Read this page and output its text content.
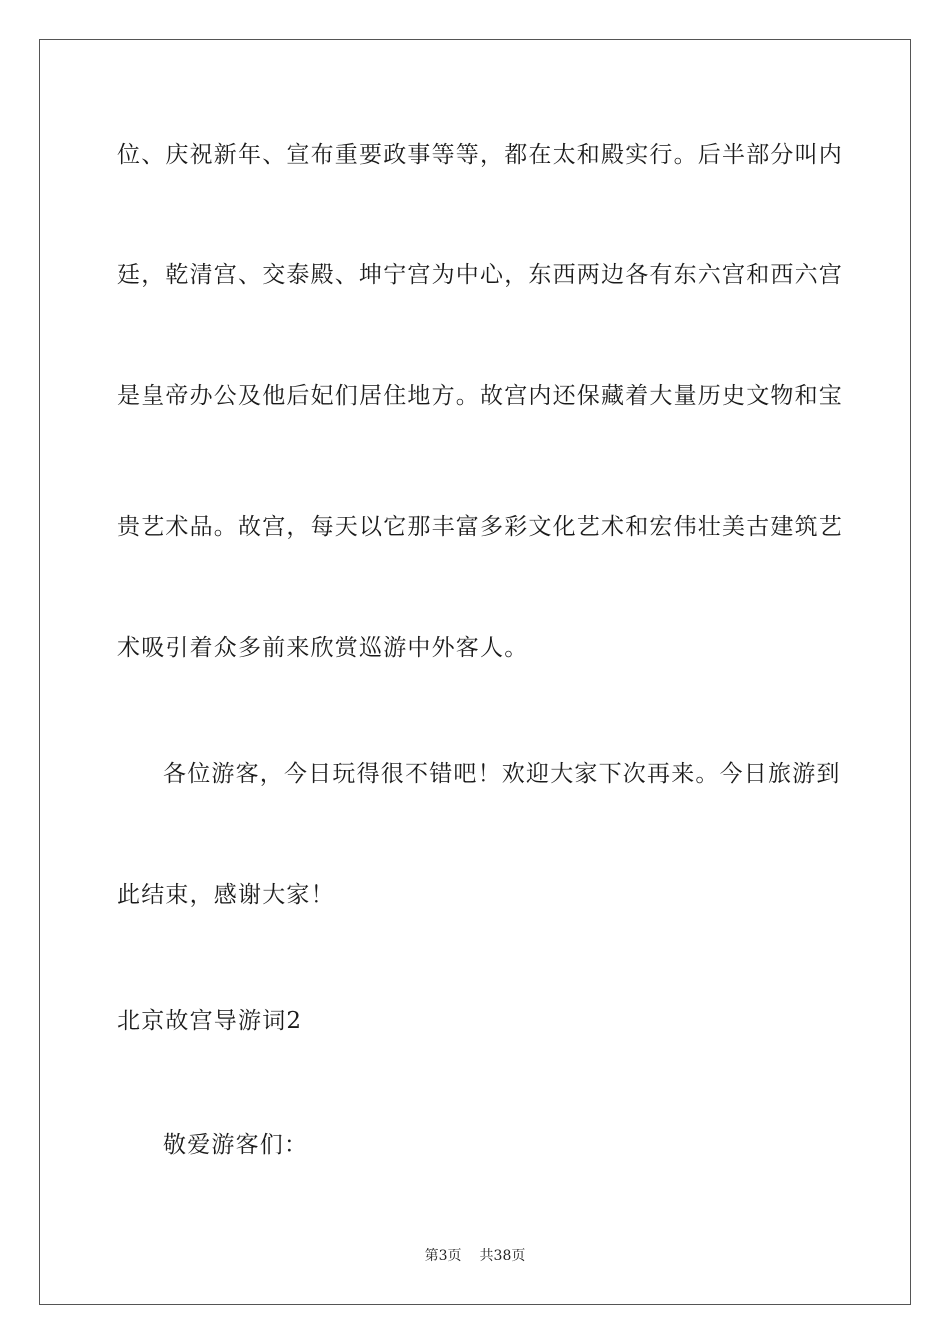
位、庆祝新年、宣布重要政事等等，都在太和殿实行。后半部分叫内
廷，乾清宫、交泰殿、坤宁宫为中心，东西两边各有东六宫和西六宫
是皇帝办公及他后妃们居住地方。故宫内还保藏着大量历史文物和宝
贵艺术品。故宫，每天以它那丰富多彩文化艺术和宏伟壮美古建筑艺
术吸引着众多前来欣赏巡游中外客人。
各位游客，今日玩得很不错吧！欢迎大家下次再来。今日旅游到
此结束，感谢大家！
北京故宫导游词2
敬爱游客们：
第3页 共38页
